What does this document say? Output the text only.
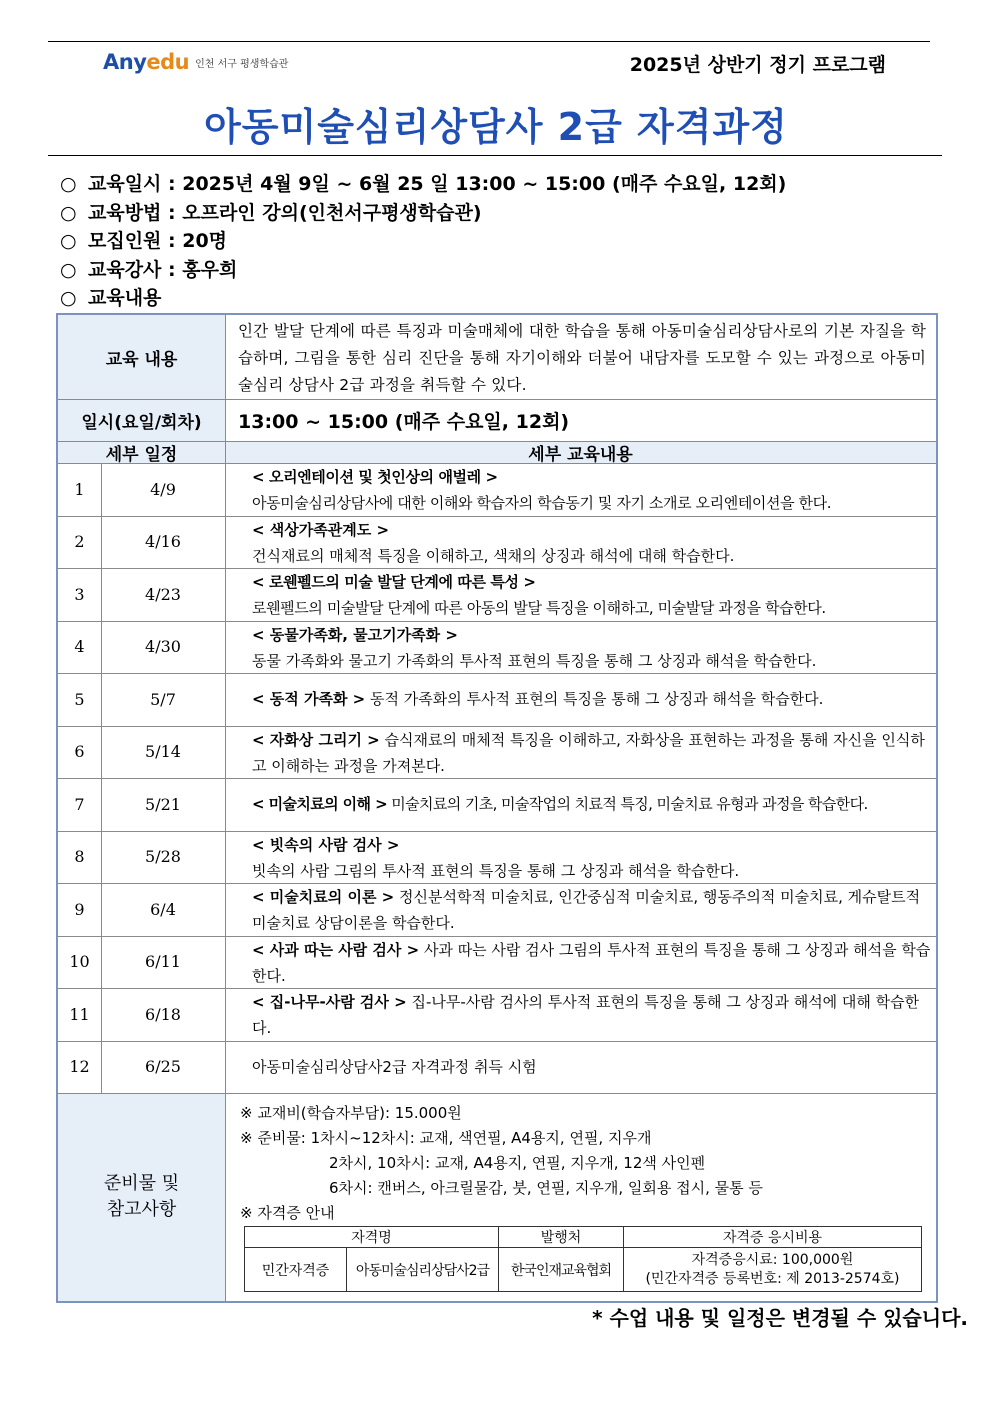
Anyedu 인천 서구 평생학습관	2025년 상반기 정기 프로그램
아동미술심리상담사 2급 자격과정
○ 교육일시 : 2025년 4월 9일 ~ 6월 25 일 13:00 ~ 15:00 (매주 수요일, 12회)
○ 교육방법 : 오프라인 강의(인천서구평생학습관)
○ 모집인원 : 20명
○ 교육강사 : 홍우희
○ 교육내용
교육 내용
인간 발달 단계에 따른 특징과 미술매체에 대한 학습을 통해 아동미술심리상담사로의 기본 자질을 학습하며, 그림을 통한 심리 진단을 통해 자기이해와 더불어 내담자를 도모할 수 있는 과정으로 아동미술심리 상담사 2급 과정을 취득할 수 있다.
일시(요일/회차)	13:00 ~ 15:00 (매주 수요일, 12회)
세부 일정	세부 교육내용
1	4/9
< 오리엔테이션 및 첫인상의 애벌레 >
아동미술심리상담사에 대한 이해와 학습자의 학습동기 및 자기 소개로 오리엔테이션을 한다.
2	4/16
< 색상가족관계도 >
건식재료의 매체적 특징을 이해하고, 색채의 상징과 해석에 대해 학습한다.
3	4/23
< 로웬펠드의 미술 발달 단계에 따른 특성 >
로웬펠드의 미술발달 단계에 따른 아동의 발달 특징을 이해하고, 미술발달 과정을 학습한다.
4	4/30
< 동물가족화, 물고기가족화 >
동물 가족화와 물고기 가족화의 투사적 표현의 특징을 통해 그 상징과 해석을 학습한다.
5	5/7	< 동적 가족화 > 동적 가족화의 투사적 표현의 특징을 통해 그 상징과 해석을 학습한다.
6	5/14
< 자화상 그리기 > 습식재료의 매체적 특징을 이해하고, 자화상을 표현하는 과정을 통해 자신을 인식하고 이해하는 과정을 가져본다.
7	5/21	< 미술치료의 이해 > 미술치료의 기초, 미술작업의 치료적 특징, 미술치료 유형과 과정을 학습한다.
8	5/28
< 빗속의 사람 검사 >
빗속의 사람 그림의 투사적 표현의 특징을 통해 그 상징과 해석을 학습한다.
9	6/4
< 미술치료의 이론 > 정신분석학적 미술치료, 인간중심적 미술치료, 행동주의적 미술치료, 게슈탈트적 미술치료 상담이론을 학습한다.
10	6/11
< 사과 따는 사람 검사 > 사과 따는 사람 검사 그림의 투사적 표현의 특징을 통해 그 상징과 해석을 학습한다.
11	6/18
< 집-나무-사람 검사 > 집-나무-사람 검사의 투사적 표현의 특징을 통해 그 상징과 해석에 대해 학습한다.
12	6/25	아동미술심리상담사2급 자격과정 취득 시험
준비물 및
참고사항
※ 교재비(학습자부담): 15.000원
※ 준비물: 1차시~12차시: 교재, 색연필, A4용지, 연필, 지우개
2차시, 10차시: 교재, A4용지, 연필, 지우개, 12색 사인펜
6차시: 캔버스, 아크릴물감, 붓, 연필, 지우개, 일회용 접시, 물통 등
※ 자격증 안내
자격명		발행처	자격증 응시비용
민간자격증	아동미술심리상담사2급	한국인재교육협회	자격증응시료: 100,000원
(민간자격증 등록번호: 제 2013-2574호)
* 수업 내용 및 일정은 변경될 수 있습니다.
